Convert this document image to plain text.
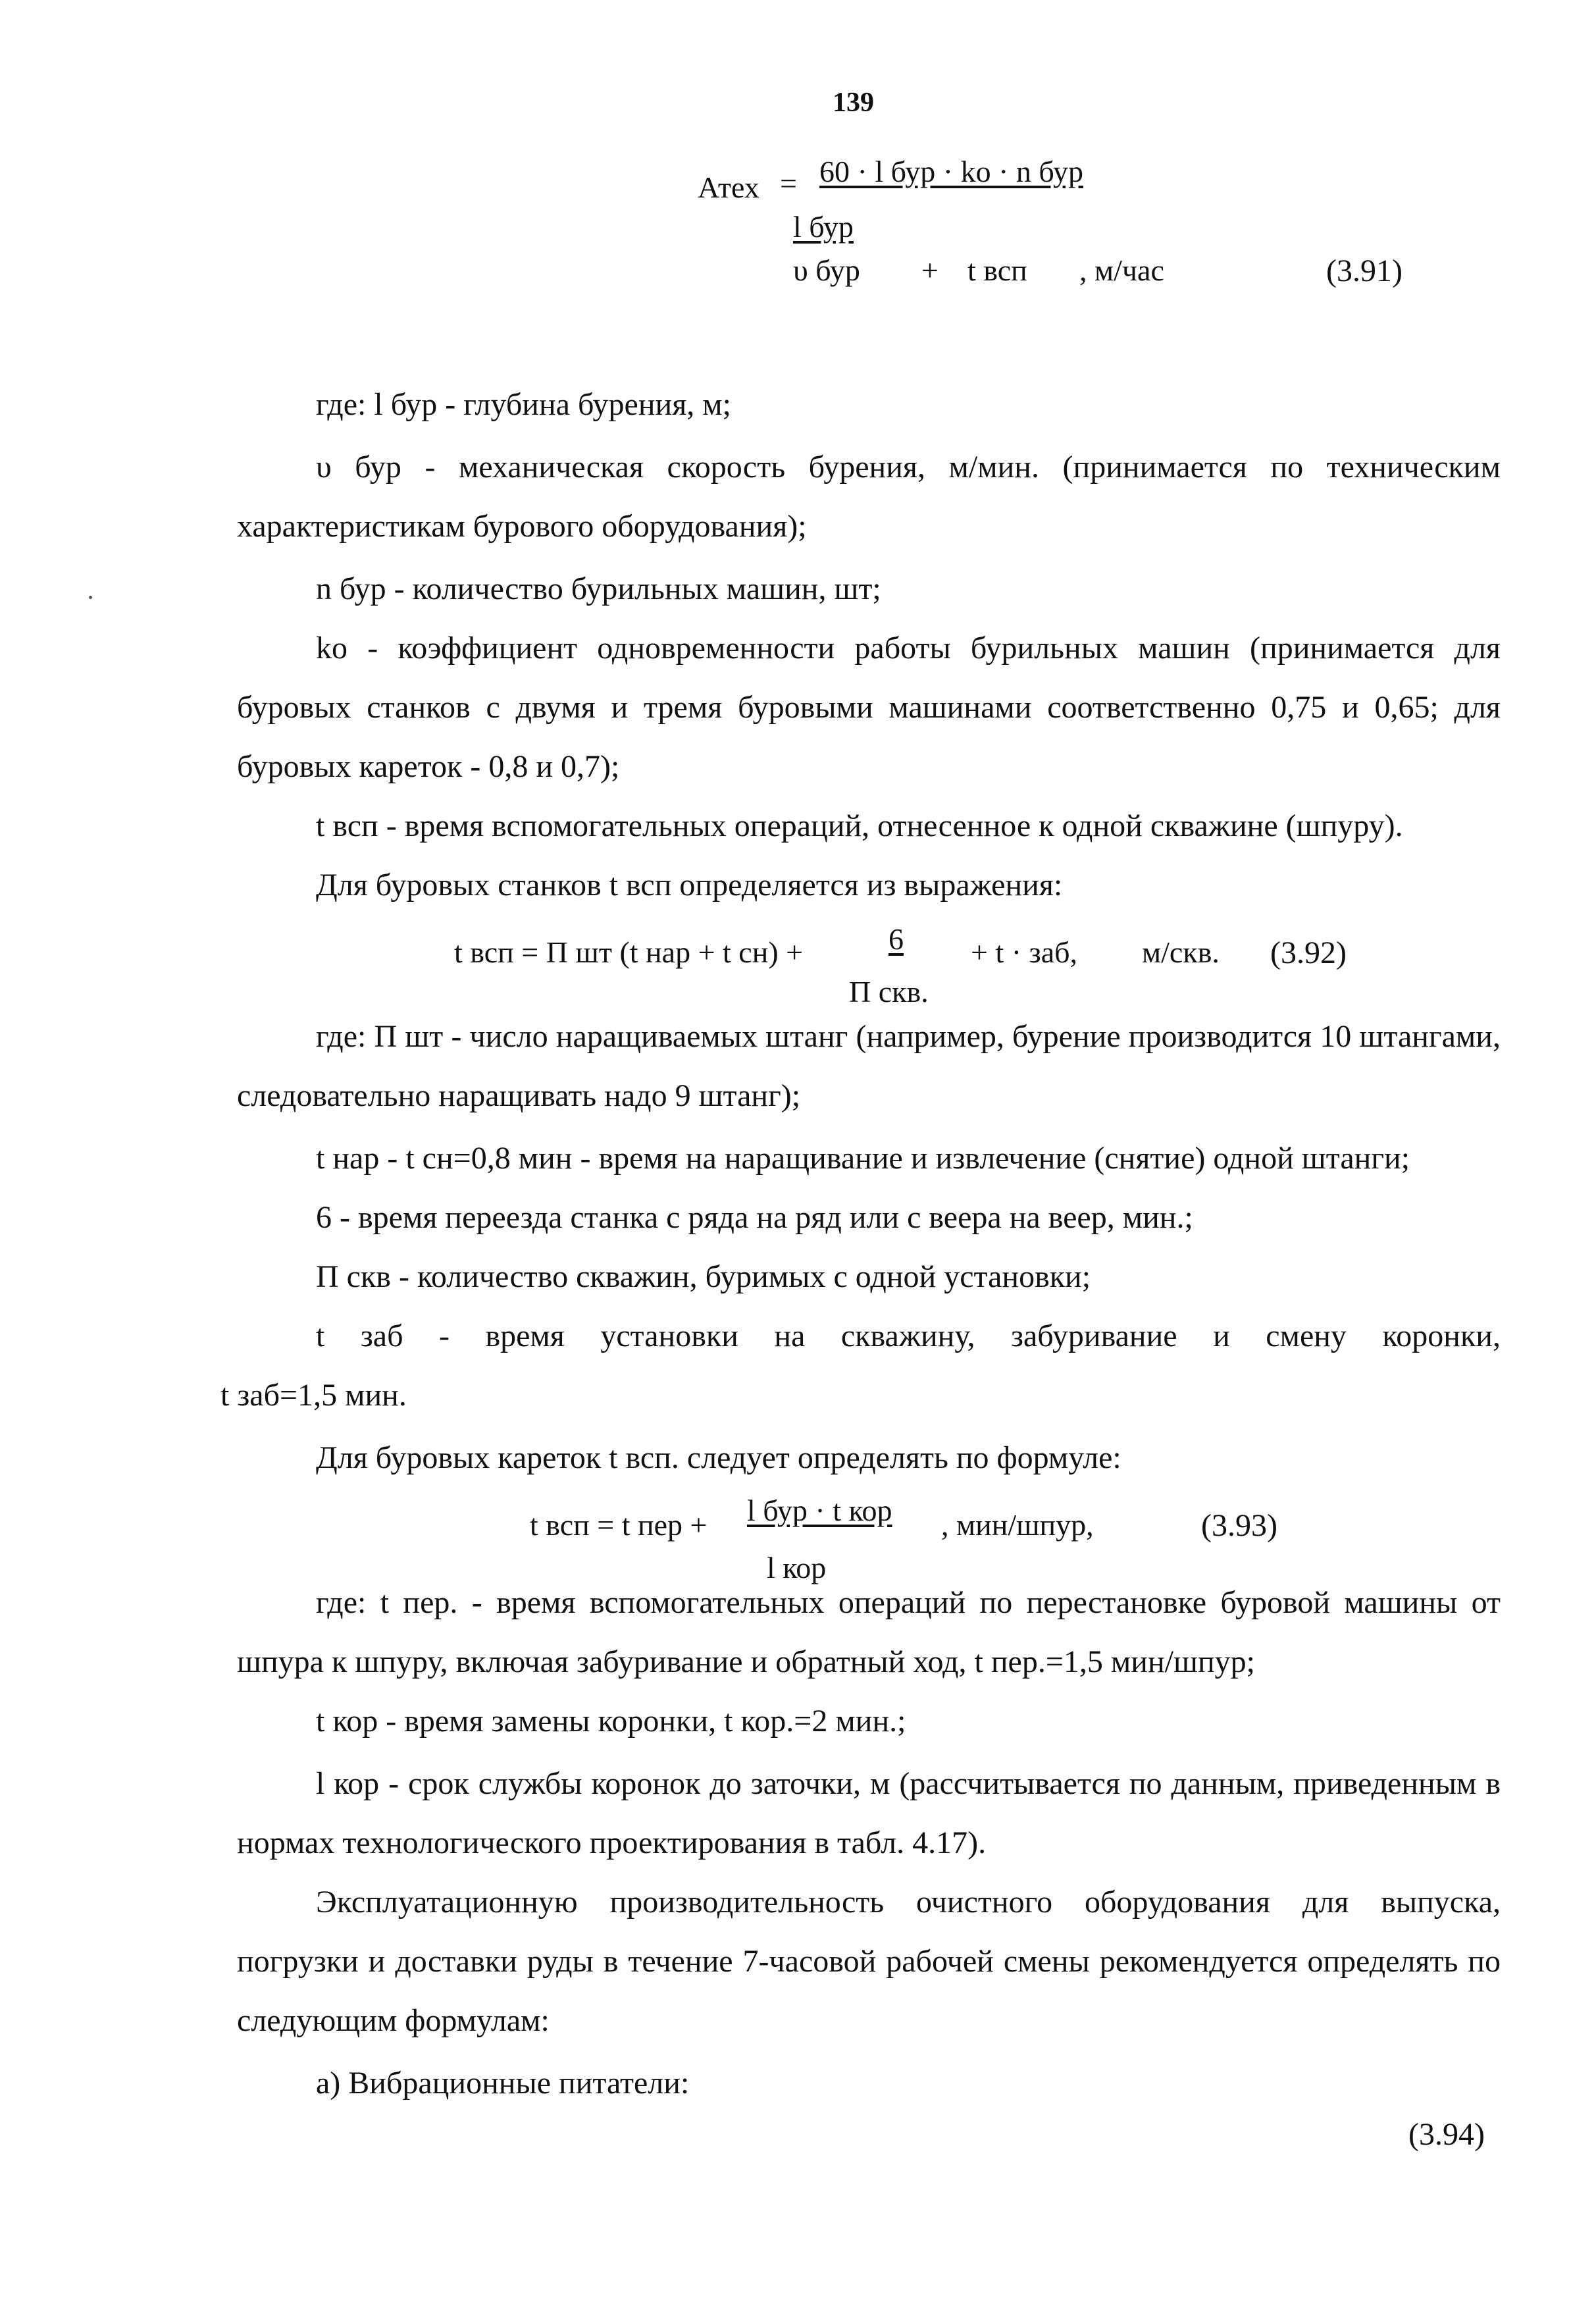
139
Атех = 60 · l бур · ko · n бур
l бур
υ бур + t всп , м/час	(3.91)
где: l бур - глубина бурения, м;
υ бур - механическая скорость бурения, м/мин. (принимается по техническим характеристикам бурового оборудования);
n бур - количество бурильных машин, шт;
ko - коэффициент одновременности работы бурильных машин (принимается для буровых станков с двумя и тремя буровыми машинами соответственно 0,75 и 0,65; для буровых кареток - 0,8 и 0,7);
t всп - время вспомогательных операций, отнесенное к одной скважине (шпуру).
Для буровых станков t всп определяется из выражения:
t всп = П шт (t нар + t сн) +	6
П скв.
+ t · заб, м/скв. (3.92)
где: П шт - число наращиваемых штанг (например, бурение производится 10 штангами, следовательно наращивать надо 9 штанг);
t нар - t сн=0,8 мин - время на наращивание и извлечение (снятие) одной штанги;
6 - время переезда станка с ряда на ряд или с веера на веер, мин.;
П скв - количество скважин, буримых с одной установки;
t заб - время установки на скважину, забуривание и смену коронки,
t заб=1,5 мин.
Для буровых кареток t всп. следует определять по формуле:
t всп = t пер + l бур · t кор
l кор
, мин/шпур,	(3.93)
где: t пер. - время вспомогательных операций по перестановке буровой машины от шпура к шпуру, включая забуривание и обратный ход, t пер.=1,5 мин/шпур;
t кор - время замены коронки, t кор.=2 мин.;
l кор - срок службы коронок до заточки, м (рассчитывается по данным, приведенным в нормах технологического проектирования в табл. 4.17).
Эксплуатационную производительность очистного оборудования для выпуска, погрузки и доставки руды в течение 7-часовой рабочей смены рекомендуется определять по следующим формулам:
а) Вибрационные питатели:
(3.94)
